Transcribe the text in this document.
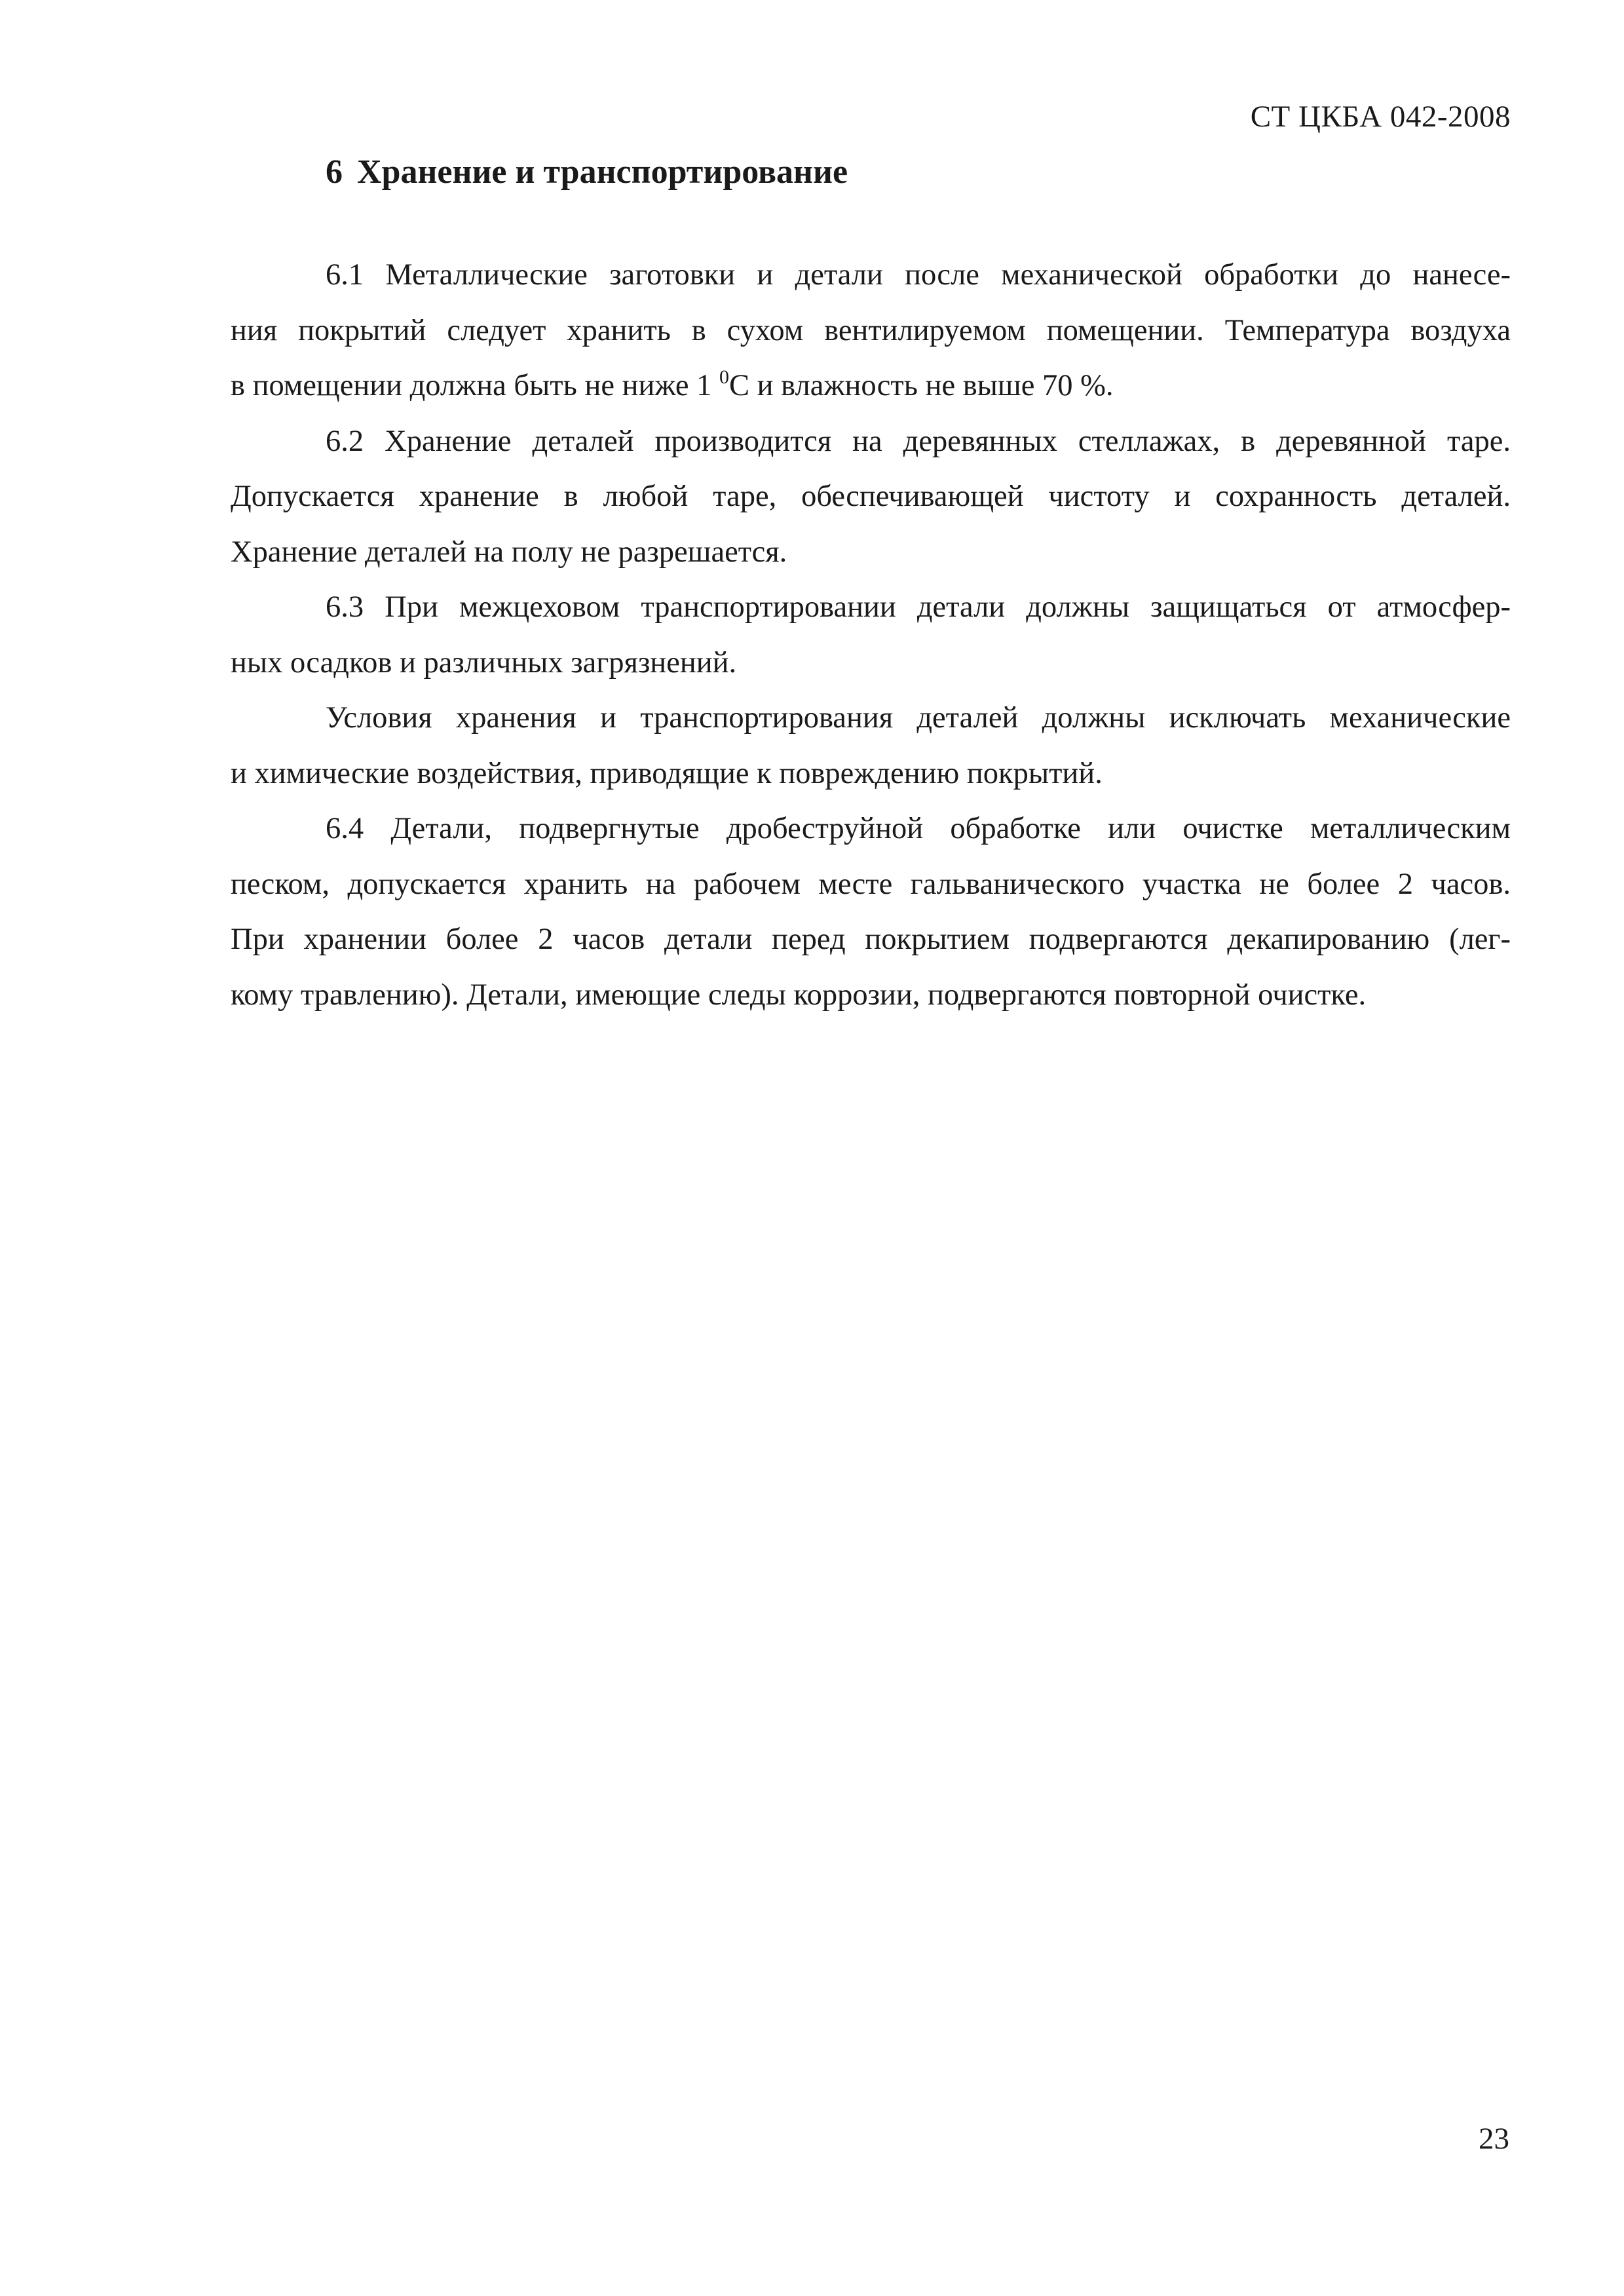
СТ ЦКБА 042-2008
6 Хранение и транспортирование

6.1 Металлические заготовки и детали после механической обработки до нанесе-
ния покрытий следует хранить в сухом вентилируемом помещении. Температура воздуха
в помещении должна быть не ниже 1 $^0$С и влажность не выше 70 %.

6.2 Хранение деталей производится на деревянных стеллажах, в деревянной таре.
Допускается хранение в любой таре, обеспечивающей чистоту и сохранность деталей.
Хранение деталей на полу не разрешается.

6.3 При межцеховом транспортировании детали должны защищаться от атмосфер-
ных осадков и различных загрязнений.

Условия хранения и транспортирования деталей должны исключать механические
и химические воздействия, приводящие к повреждению покрытий.

6.4 Детали, подвергнутые дробеструйной обработке или очистке металлическим
песком, допускается хранить на рабочем месте гальванического участка не более 2 часов.
При хранении более 2 часов детали перед покрытием подвергаются декапированию (лег-
кому травлению). Детали, имеющие следы коррозии, подвергаются повторной очистке.

23
